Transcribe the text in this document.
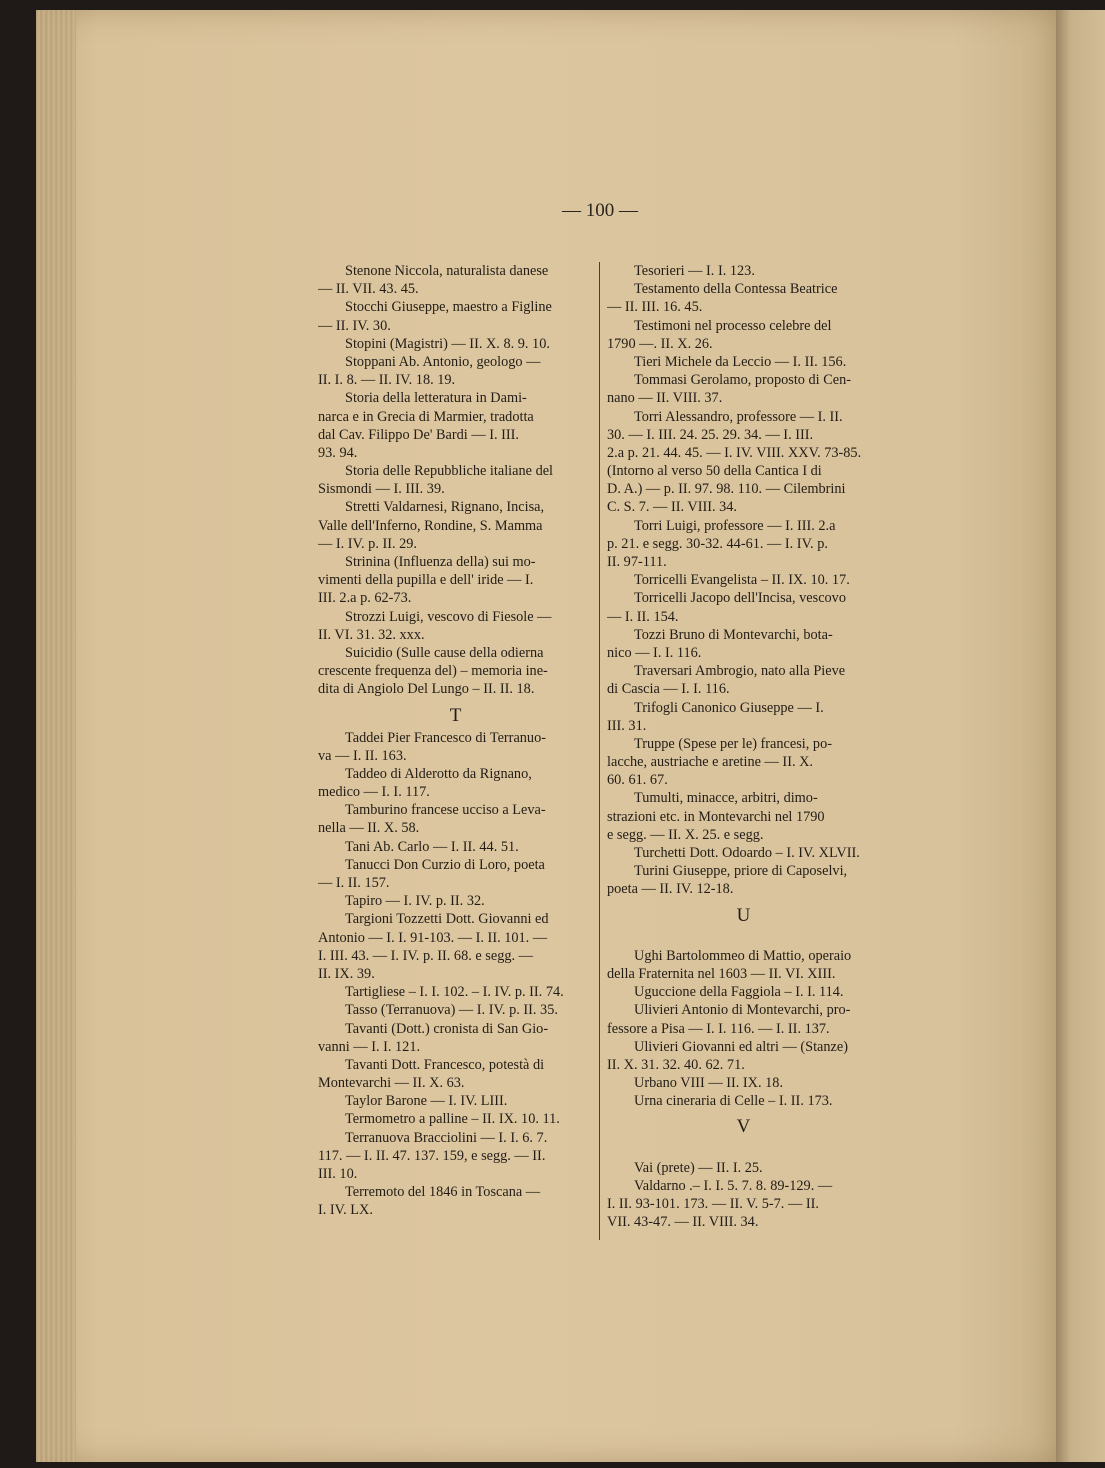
— 100 —
Stenone Niccola, naturalista danese
— II. VII. 43. 45.
Stocchi Giuseppe, maestro a Figline
— II. IV. 30.
Stopini (Magistri) — II. X. 8. 9. 10.
Stoppani Ab. Antonio, geologo —
II. I. 8. — II. IV. 18. 19.
Storia della letteratura in Dami-
narca e in Grecia di Marmier, tradotta
dal Cav. Filippo De' Bardi — I. III.
93. 94.
Storia delle Repubbliche italiane del
Sismondi — I. III. 39.
Stretti Valdarnesi, Rignano, Incisa,
Valle dell'Inferno, Rondine, S. Mamma
— I. IV. p. II. 29.
Strinina (Influenza della) sui mo-
vimenti della pupilla e dell' iride — I.
III. 2.a p. 62-73.
Strozzi Luigi, vescovo di Fiesole —
II. VI. 31. 32. xxx.
Suicidio (Sulle cause della odierna
crescente frequenza del) – memoria ine-
dita di Angiolo Del Lungo – II. II. 18.
T
Taddei Pier Francesco di Terranuo-
va — I. II. 163.
Taddeo di Alderotto da Rignano,
medico — I. I. 117.
Tamburino francese ucciso a Leva-
nella — II. X. 58.
Tani Ab. Carlo — I. II. 44. 51.
Tanucci Don Curzio di Loro, poeta
— I. II. 157.
Tapiro — I. IV. p. II. 32.
Targioni Tozzetti Dott. Giovanni ed
Antonio — I. I. 91-103. — I. II. 101. —
I. III. 43. — I. IV. p. II. 68. e segg. —
II. IX. 39.
Tartigliese – I. I. 102. – I. IV. p. II. 74.
Tasso (Terranuova) — I. IV. p. II. 35.
Tavanti (Dott.) cronista di San Gio-
vanni — I. I. 121.
Tavanti Dott. Francesco, potestà di
Montevarchi — II. X. 63.
Taylor Barone — I. IV. LIII.
Termometro a palline – II. IX. 10. 11.
Terranuova Bracciolini — I. I. 6. 7.
117. — I. II. 47. 137. 159, e segg. — II.
III. 10.
Terremoto del 1846 in Toscana —
I. IV. LX.
Tesorieri — I. I. 123.
Testamento della Contessa Beatrice
— II. III. 16. 45.
Testimoni nel processo celebre del
1790 —. II. X. 26.
Tieri Michele da Leccio — I. II. 156.
Tommasi Gerolamo, proposto di Cen-
nano — II. VIII. 37.
Torri Alessandro, professore — I. II.
30. — I. III. 24. 25. 29. 34. — I. III.
2.a p. 21. 44. 45. — I. IV. VIII. XXV. 73-85.
(Intorno al verso 50 della Cantica I di
D. A.) — p. II. 97. 98. 110. — Cilembrini
C. S. 7. — II. VIII. 34.
Torri Luigi, professore — I. III. 2.a
p. 21. e segg. 30-32. 44-61. — I. IV. p.
II. 97-111.
Torricelli Evangelista – II. IX. 10. 17.
Torricelli Jacopo dell'Incisa, vescovo
— I. II. 154.
Tozzi Bruno di Montevarchi, bota-
nico — I. I. 116.
Traversari Ambrogio, nato alla Pieve
di Cascia — I. I. 116.
Trifogli Canonico Giuseppe — I.
III. 31.
Truppe (Spese per le) francesi, po-
lacche, austriache e aretine — II. X.
60. 61. 67.
Tumulti, minacce, arbitri, dimo-
strazioni etc. in Montevarchi nel 1790
e segg. — II. X. 25. e segg.
Turchetti Dott. Odoardo – I. IV. XLVII.
Turini Giuseppe, priore di Caposelvi,
poeta — II. IV. 12-18.
U
Ughi Bartolommeo di Mattio, operaio
della Fraternita nel 1603 — II. VI. XIII.
Uguccione della Faggiola – I. I. 114.
Ulivieri Antonio di Montevarchi, pro-
fessore a Pisa — I. I. 116. — I. II. 137.
Ulivieri Giovanni ed altri — (Stanze)
II. X. 31. 32. 40. 62. 71.
Urbano VIII — II. IX. 18.
Urna cineraria di Celle – I. II. 173.
V
Vai (prete) — II. I. 25.
Valdarno .– I. I. 5. 7. 8. 89-129. —
I. II. 93-101. 173. — II. V. 5-7. — II.
VII. 43-47. — II. VIII. 34.
